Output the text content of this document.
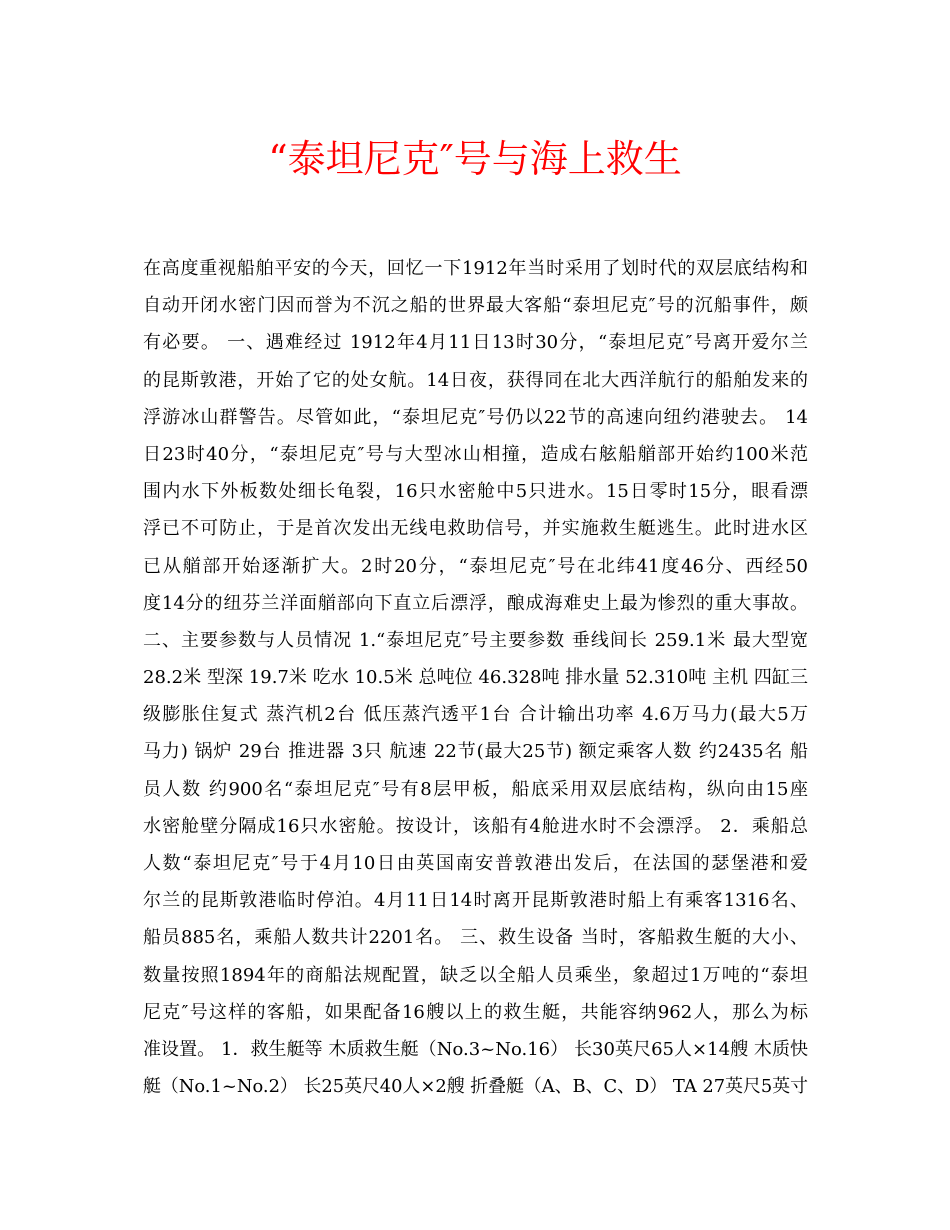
“泰坦尼克″号与海上救生
在高度重视船舶平安的今天，回忆一下1912年当时采用了划时代的双层底结构和
自动开闭水密门因而誉为不沉之船的世界最大客船“泰坦尼克″号的沉船事件，颇
有必要。 一、遇难经过 1912年4月11日13时30分，“泰坦尼克″号离开爱尔兰
的昆斯敦港，开始了它的处女航。14日夜，获得同在北大西洋航行的船舶发来的
浮游冰山群警告。尽管如此，“泰坦尼克″号仍以22节的高速向纽约港驶去。 14
日23时40分，“泰坦尼克″号与大型冰山相撞，造成右舷船艏部开始约100米范
围内水下外板数处细长龟裂，16只水密舱中5只进水。15日零时15分，眼看漂
浮已不可防止，于是首次发出无线电救助信号，并实施救生艇逃生。此时进水区
已从艏部开始逐渐扩大。2时20分，“泰坦尼克″号在北纬41度46分、西经50
度14分的纽芬兰洋面艏部向下直立后漂浮，酿成海难史上最为惨烈的重大事故。
二、主要参数与人员情况 1.“泰坦尼克″号主要参数 垂线间长 259.1米 最大型宽
28.2米 型深 19.7米 吃水 10.5米 总吨位 46.328吨 排水量 52.310吨 主机 四缸三
级膨胀住复式 蒸汽机2台 低压蒸汽透平1台 合计输出功率 4.6万马力(最大5万
马力) 锅炉 29台 推进器 3只 航速 22节(最大25节) 额定乘客人数 约2435名 船
员人数 约900名“泰坦尼克″号有8层甲板，船底采用双层底结构，纵向由15座
水密舱壁分隔成16只水密舱。按设计，该船有4舱进水时不会漂浮。 2．乘船总
人数“泰坦尼克″号于4月10日由英国南安普敦港出发后，在法国的瑟堡港和爱
尔兰的昆斯敦港临时停泊。4月11日14时离开昆斯敦港时船上有乘客1316名、
船员885名，乘船人数共计2201名。 三、救生设备 当时，客船救生艇的大小、
数量按照1894年的商船法规配置，缺乏以全船人员乘坐，象超过1万吨的“泰坦
尼克″号这样的客船，如果配备16艘以上的救生艇，共能容纳962人，那么为标
准设置。 1．救生艇等 木质救生艇（No.3~No.16） 长30英尺65人×14艘 木质快
艇（No.1~No.2） 长25英尺40人×2艘 折叠艇（A、B、C、D） TA 27英尺5英寸
